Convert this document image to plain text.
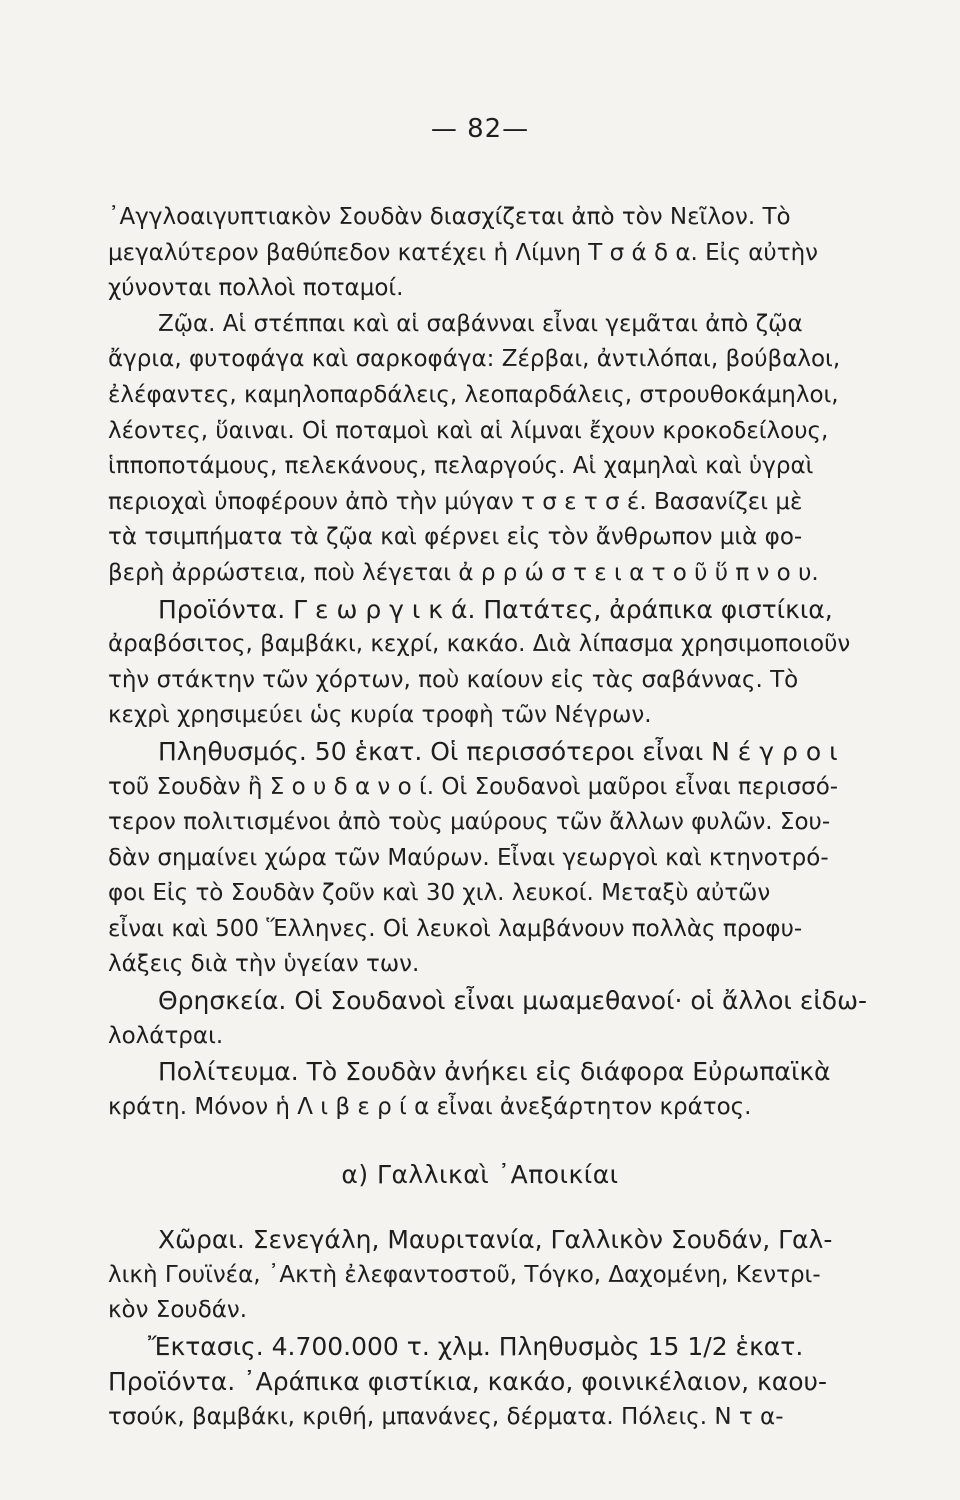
— 82—
᾿Αγγλοαιγυπτιακὸν Σουδὰν διασχίζεται ἀπὸ τὸν Νεῖλον. Τὸ
μεγαλύτερον βαθύπεδον κατέχει ἡ Λίμνη Τ σ ά δ α. Εἰς αὐτὴν
χύνονται πολλοὶ ποταμοί.
Ζῷα. Αἱ στέππαι καὶ αἱ σαβάνναι εἶναι γεμᾶται ἀπὸ ζῷα
ἄγρια, φυτοφάγα καὶ σαρκοφάγα: Ζέρβαι, ἀντιλόπαι, βούβαλοι,
ἐλέφαντες, καμηλοπαρδάλεις, λεοπαρδάλεις, στρουθοκάμηλοι,
λέοντες, ὕαιναι. Οἱ ποταμοὶ καὶ αἱ λίμναι ἔχουν κροκοδείλους,
ἱπποποτάμους, πελεκάνους, πελαργούς. Αἱ χαμηλαὶ καὶ ὑγραὶ
περιοχαὶ ὑποφέρουν ἀπὸ τὴν μύγαν τ σ ε τ σ έ. Βασανίζει μὲ
τὰ τσιμπήματα τὰ ζῷα καὶ φέρνει εἰς τὸν ἄνθρωπον μιὰ φο-
βερὴ ἀρρώστεια, ποὺ λέγεται ἀ ρ ρ ώ σ τ ε ι α τ ο ῦ ὕ π ν ο υ.
Προϊόντα. Γ ε ω ρ γ ι κ ά. Πατάτες, ἀράπικα φιστίκια,
ἀραβόσιτος, βαμβάκι, κεχρί, κακάο. Διὰ λίπασμα χρησιμοποιοῦν
τὴν στάκτην τῶν χόρτων, ποὺ καίουν εἰς τὰς σαβάννας. Τὸ
κεχρὶ χρησιμεύει ὡς κυρία τροφὴ τῶν Νέγρων.
Πληθυσμός. 50 ἑκατ. Οἱ περισσότεροι εἶναι Ν έ γ ρ ο ι
τοῦ Σουδὰν ἢ Σ ο υ δ α ν ο ί. Οἱ Σουδανοὶ μαῦροι εἶναι περισσό-
τερον πολιτισμένοι ἀπὸ τοὺς μαύρους τῶν ἄλλων φυλῶν. Σου-
δὰν σημαίνει χώρα τῶν Μαύρων. Εἶναι γεωργοὶ καὶ κτηνοτρό-
φοι Εἰς τὸ Σουδὰν ζοῦν καὶ 30 χιλ. λευκοί. Μεταξὺ αὐτῶν
εἶναι καὶ 500 Ἕλληνες. Οἱ λευκοὶ λαμβάνουν πολλὰς προφυ-
λάξεις διὰ τὴν ὑγείαν των.
Θρησκεία. Οἱ Σουδανοὶ εἶναι μωαμεθανοί· οἱ ἄλλοι εἰδω-
λολάτραι.
Πολίτευμα. Τὸ Σουδὰν ἀνήκει εἰς διάφορα Εὐρωπαϊκὰ
κράτη. Μόνον ἡ Λ ι β ε ρ ί α εἶναι ἀνεξάρτητον κράτος.
α) Γαλλικαὶ ᾿Αποικίαι
Χῶραι. Σενεγάλη, Μαυριτανία, Γαλλικὸν Σουδάν, Γαλ-
λικὴ Γουϊνέα, ᾿Ακτὴ ἐλεφαντοστοῦ, Τόγκο, Δαχομένη, Κεντρι-
κὸν Σουδάν.
Ἔκτασις. 4.700.000 τ. χλμ. Πληθυσμὸς 15 1/2 ἑκατ.
Προϊόντα. ᾿Αράπικα φιστίκια, κακάο, φοινικέλαιον, καου-
τσούκ, βαμβάκι, κριθή, μπανάνες, δέρματα. Πόλεις. Ν τ α-
